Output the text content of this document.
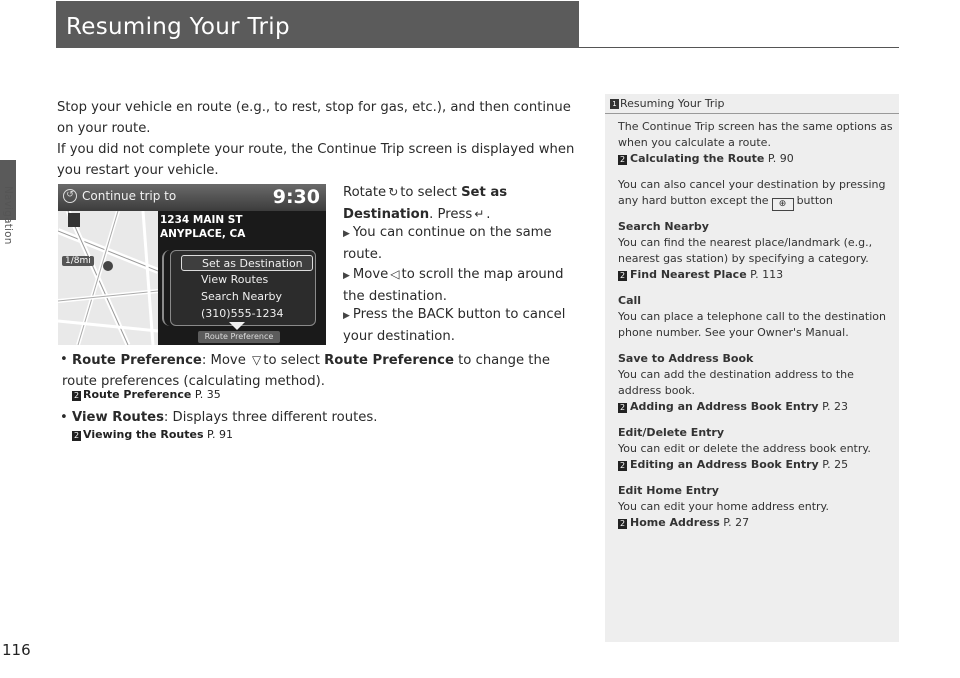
Navigation
116
Resuming Your Trip
Stop your vehicle en route (e.g., to rest, stop for gas, etc.), and then continue on your route.
If you did not complete your route, the Continue Trip screen is displayed when you restart your vehicle.
↺ Continue trip to	9:30
1/8mi
1234 MAIN ST
ANYPLACE, CA
Set as Destination
View Routes
Search Nearby
(310)555-1234
Route Preference
Rotate ↻ to select Set as Destination. Press ↵ .
▶ You can continue on the same route.
▶ Move ◁ to scroll the map around the destination.
▶ Press the BACK button to cancel your destination.
• Route Preference: Move ▽ to select Route Preference to change the route preferences (calculating method).
2 Route Preference P. 35
• View Routes: Displays three different routes.
2 Viewing the Routes P. 91
1 Resuming Your Trip
The Continue Trip screen has the same options as when you calculate a route.
2 Calculating the Route P. 90
You can also cancel your destination by pressing any hard button except the ⊕ button
Search Nearby
You can find the nearest place/landmark (e.g., nearest gas station) by specifying a category.
2 Find Nearest Place P. 113
Call
You can place a telephone call to the destination phone number. See your Owner's Manual.
Save to Address Book
You can add the destination address to the address book.
2 Adding an Address Book Entry P. 23
Edit/Delete Entry
You can edit or delete the address book entry.
2 Editing an Address Book Entry P. 25
Edit Home Entry
You can edit your home address entry.
2 Home Address P. 27
